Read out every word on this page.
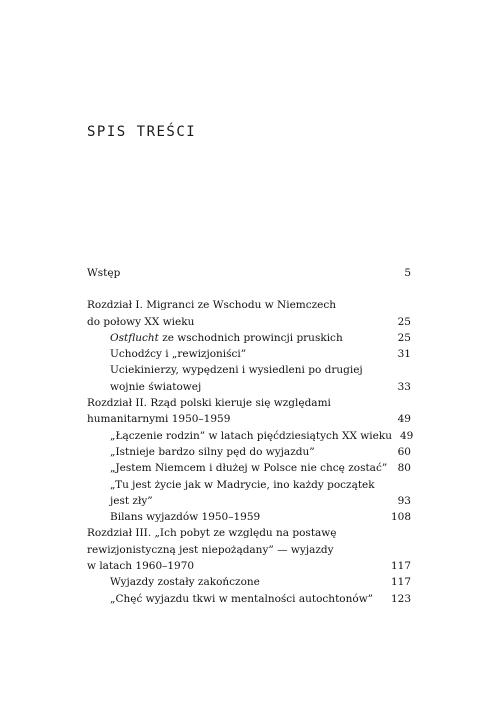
SPIS TREŚCI
Wstęp	5
Rozdział I. Migranci ze Wschodu w Niemczech
do połowy XX wieku	25
Ostflucht ze wschodnich prowincji pruskich	25
Uchodźcy i „rewizjoniści”	31
Uciekinierzy, wypędzeni i wysiedleni po drugiej
wojnie światowej	33
Rozdział II. Rząd polski kieruje się względami
humanitarnymi 1950–1959	49
„Łączenie rodzin” w latach pięćdziesiątych XX wieku 49
„Istnieje bardzo silny pęd do wyjazdu”	60
„Jestem Niemcem i dłużej w Polsce nie chcę zostać” 80
„Tu jest życie jak w Madrycie, ino każdy początek
jest zły”	93
Bilans wyjazdów 1950–1959	108
Rozdział III. „Ich pobyt ze względu na postawę
rewizjonistyczną jest niepożądany” — wyjazdy
w latach 1960–1970	117
Wyjazdy zostały zakończone	117
„Chęć wyjazdu tkwi w mentalności autochtonów”	123
